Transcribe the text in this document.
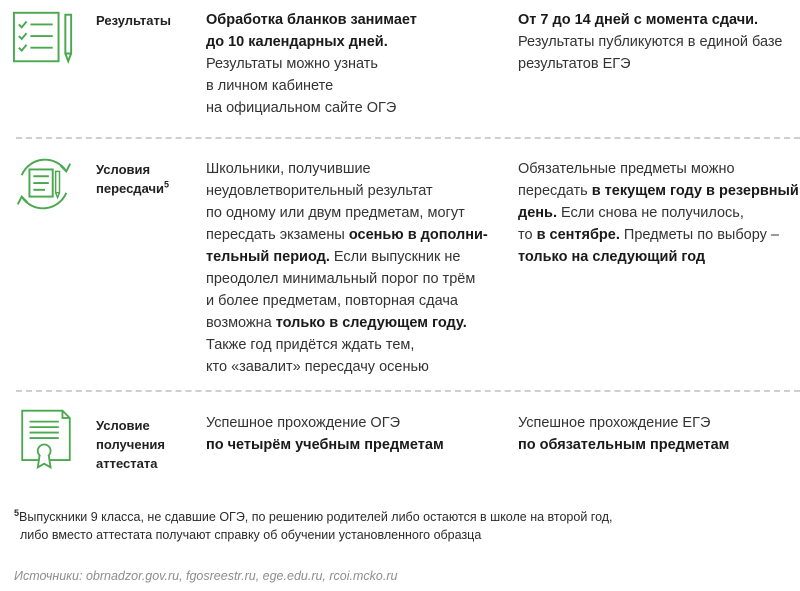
Результаты Обработка бланков занимает
до 10 календарных дней.
Результаты можно узнать
в личном кабинете
на официальном сайте ОГЭ
От 7 до 14 дней с момента сдачи.
Результаты публикуются в единой базе
результатов ЕГЭ
Условия
пересдачи$^5$
Школьники, получившие
неудовлетворительный результат
по одному или двум предметам, могут
пересдать экзамены осенью в дополни-
тельный период. Если выпускник не
преодолел минимальный порог по трём
и более предметам, повторная сдача
возможна только в следующем году.
Также год придётся ждать тем,
кто «завалит» пересдачу осенью
Обязательные предметы можно
пересдать в текущем году в резервный
день. Если снова не получилось,
то в сентябре. Предметы по выбору –
только на следующий год
Условие
получения
аттестата
Успешное прохождение ОГЭ
по четырём учебным предметам
Успешное прохождение ЕГЭ
по обязательным предметам
$^5$Выпускники 9 класса, не сдавшие ОГЭ, по решению родителей либо остаются в школе на второй год,
либо вместо аттестата получают справку об обучении установленного образца
Источники: obrnadzor.gov.ru, fgosreestr.ru, ege.edu.ru, rcoi.mcko.ru
